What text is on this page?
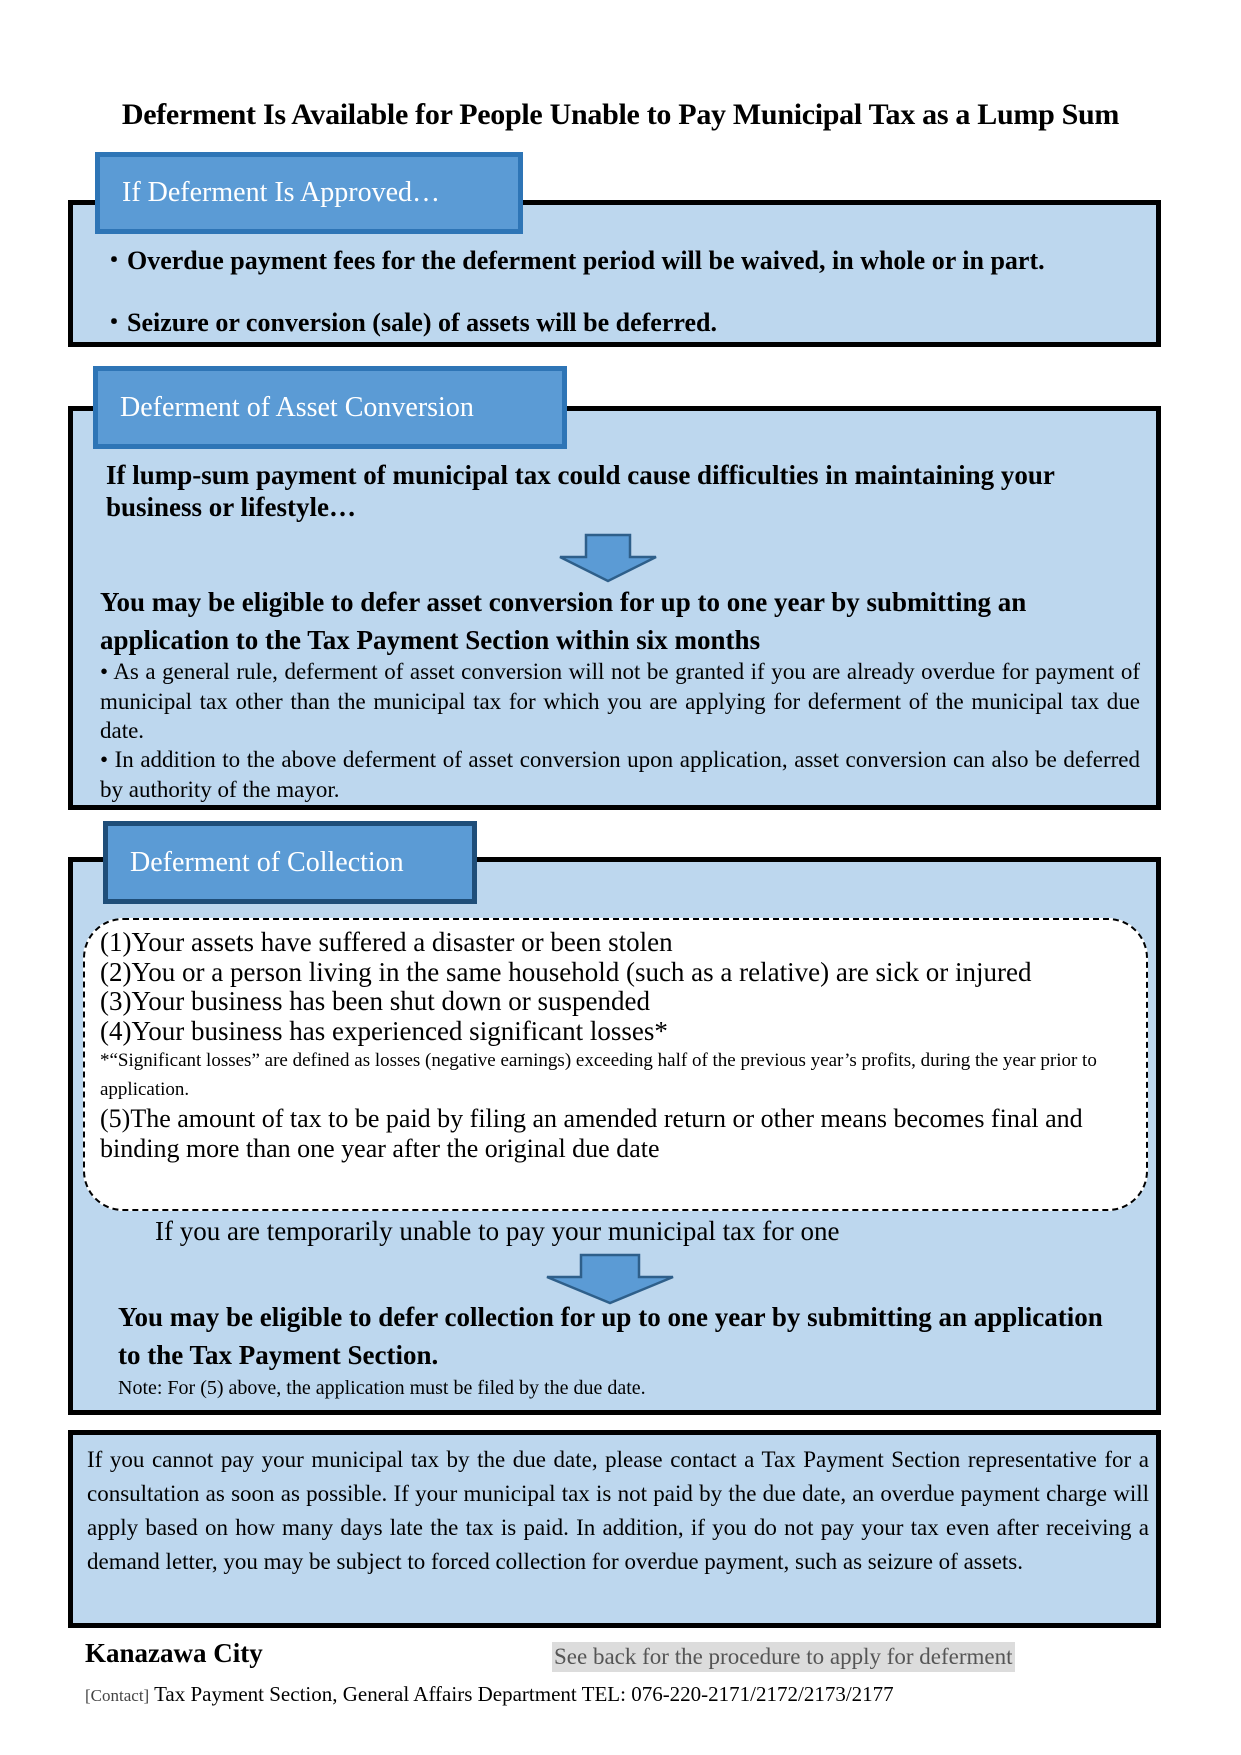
Deferment Is Available for People Unable to Pay Municipal Tax as a Lump Sum
・Overdue payment fees for the deferment period will be waived, in whole or in part.
・Seizure or conversion (sale) of assets will be deferred.
If Deferment Is Approved…
If lump-sum payment of municipal tax could cause difficulties in maintaining your business or lifestyle…
You may be eligible to defer asset conversion for up to one year by submitting an application to the Tax Payment Section within six months
• As a general rule, deferment of asset conversion will not be granted if you are already overdue for payment of municipal tax other than the municipal tax for which you are applying for deferment of the municipal tax due date.
• In addition to the above deferment of asset conversion upon application, asset conversion can also be deferred by authority of the mayor.
Deferment of Asset Conversion
(1)Your assets have suffered a disaster or been stolen
(2)You or a person living in the same household (such as a relative) are sick or injured
(3)Your business has been shut down or suspended
(4)Your business has experienced significant losses*
*“Significant losses” are defined as losses (negative earnings) exceeding half of the previous year’s profits, during the year prior to application.
(5)The amount of tax to be paid by filing an amended return or other means becomes final and binding more than one year after the original due date
If you are temporarily unable to pay your municipal tax for one
You may be eligible to defer collection for up to one year by submitting an application to the Tax Payment Section.
Note: For (5) above, the application must be filed by the due date.
Deferment of Collection
If you cannot pay your municipal tax by the due date, please contact a Tax Payment Section representative for a consultation as soon as possible. If your municipal tax is not paid by the due date, an overdue payment charge will apply based on how many days late the tax is paid. In addition, if you do not pay your tax even after receiving a demand letter, you may be subject to forced collection for overdue payment, such as seizure of assets.
Kanazawa City	See back for the procedure to apply for deferment
[Contact] Tax Payment Section, General Affairs Department TEL: 076-220-2171/2172/2173/2177
